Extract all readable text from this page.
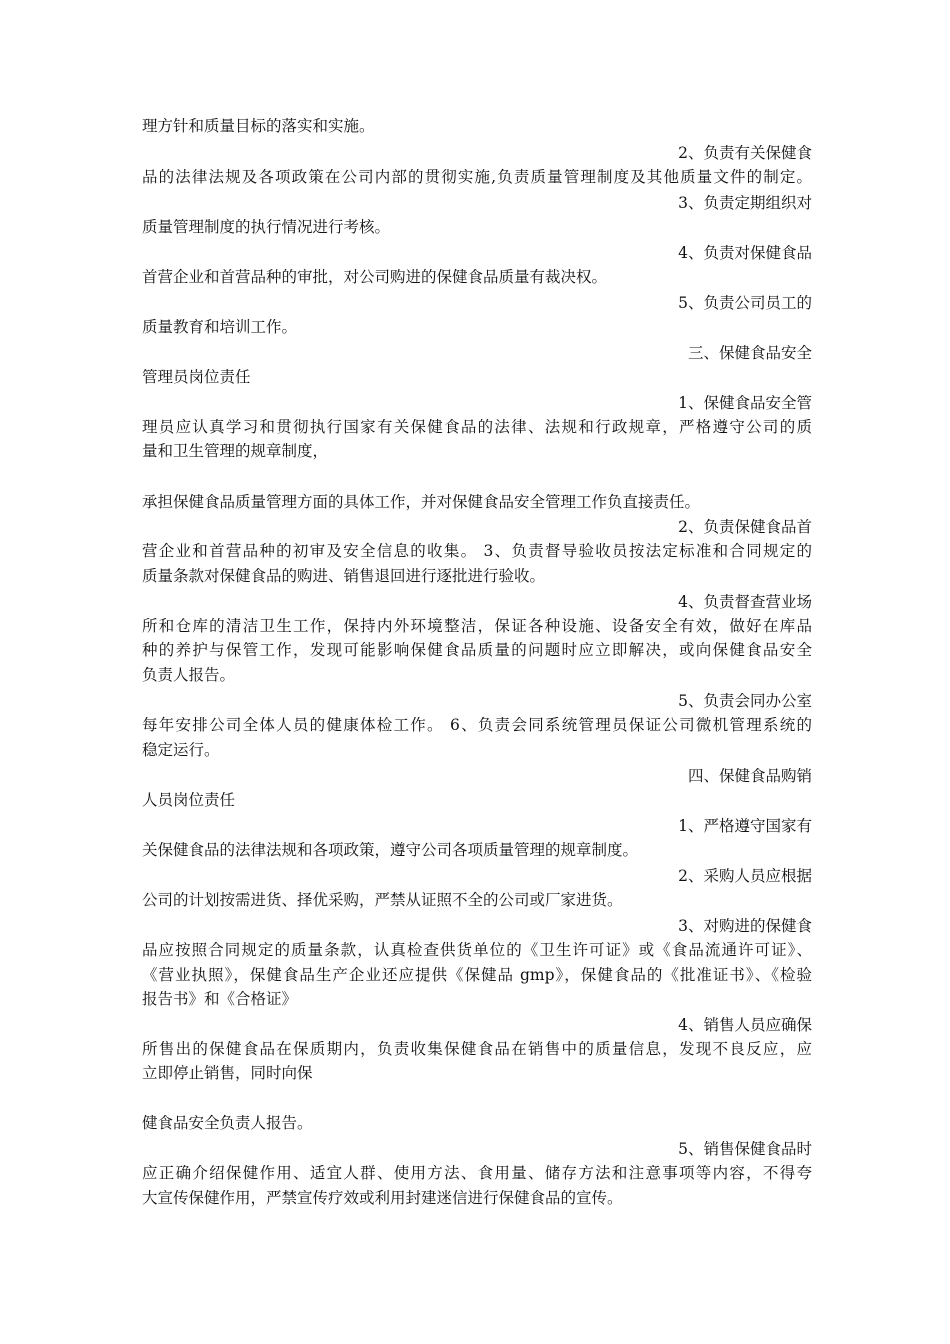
理方针和质量目标的落实和实施。
2、负责有关保健食
品的法律法规及各项政策在公司内部的贯彻实施,负责质量管理制度及其他质量文件的制定。
3、负责定期组织对
质量管理制度的执行情况进行考核。
4、负责对保健食品
首营企业和首营品种的审批，对公司购进的保健食品质量有裁决权。
5、负责公司员工的
质量教育和培训工作。
三、保健食品安全
管理员岗位责任
1、保健食品安全管
理员应认真学习和贯彻执行国家有关保健食品的法律、法规和行政规章，严格遵守公司的质
量和卫生管理的规章制度，
承担保健食品质量管理方面的具体工作，并对保健食品安全管理工作负直接责任。
2、负责保健食品首
营企业和首营品种的初审及安全信息的收集。 3、负责督导验收员按法定标准和合同规定的
质量条款对保健食品的购进、销售退回进行逐批进行验收。
4、负责督查营业场
所和仓库的清洁卫生工作，保持内外环境整洁，保证各种设施、设备安全有效，做好在库品
种的养护与保管工作，发现可能影响保健食品质量的问题时应立即解决，或向保健食品安全
负责人报告。
5、负责会同办公室
每年安排公司全体人员的健康体检工作。 6、负责会同系统管理员保证公司微机管理系统的
稳定运行。
四、保健食品购销
人员岗位责任
1、严格遵守国家有
关保健食品的法律法规和各项政策，遵守公司各项质量管理的规章制度。
2、采购人员应根据
公司的计划按需进货、择优采购，严禁从证照不全的公司或厂家进货。
3、对购进的保健食
品应按照合同规定的质量条款，认真检查供货单位的《卫生许可证》或《食品流通许可证》、
《营业执照》，保健食品生产企业还应提供《保健品 gmp》，保健食品的《批准证书》、《检验
报告书》和《合格证》
4、销售人员应确保
所售出的保健食品在保质期内，负责收集保健食品在销售中的质量信息，发现不良反应，应
立即停止销售，同时向保
健食品安全负责人报告。
5、销售保健食品时
应正确介绍保健作用、适宜人群、使用方法、食用量、储存方法和注意事项等内容，不得夸
大宣传保健作用，严禁宣传疗效或利用封建迷信进行保健食品的宣传。
